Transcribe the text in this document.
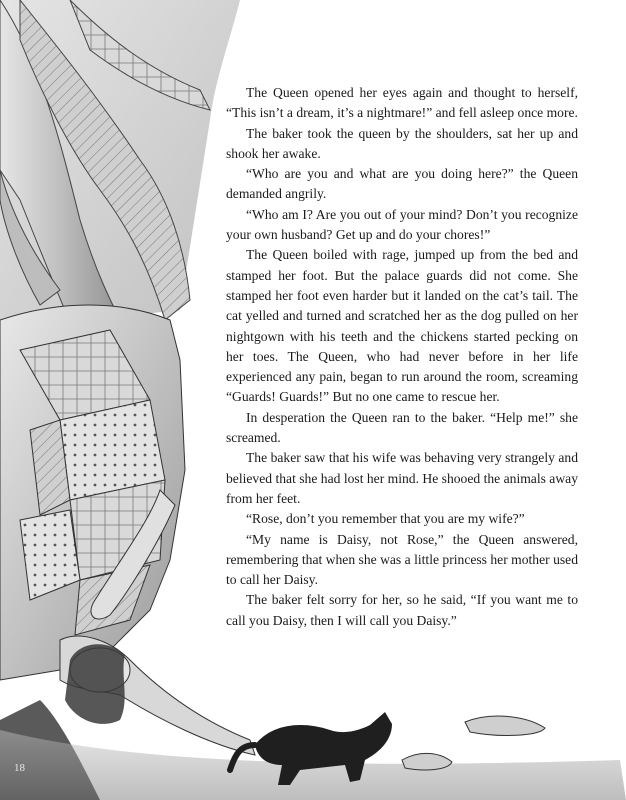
The Queen opened her eyes again and thought to herself, “This isn’t a dream, it’s a nightmare!” and fell asleep once more.

The baker took the queen by the shoulders, sat her up and shook her awake.

“Who are you and what are you doing here?” the Queen demanded angrily.

“Who am I? Are you out of your mind? Don’t you recognize your own husband? Get up and do your chores!”

The Queen boiled with rage, jumped up from the bed and stamped her foot. But the palace guards did not come. She stamped her foot even harder but it landed on the cat’s tail. The cat yelled and turned and scratched her as the dog pulled on her nightgown with his teeth and the chickens started pecking on her toes. The Queen, who had never before in her life experienced any pain, began to run around the room, screaming “Guards! Guards!” But no one came to rescue her.

In desperation the Queen ran to the baker. “Help me!” she screamed.

The baker saw that his wife was behaving very strangely and believed that she had lost her mind. He shooed the animals away from her feet.

“Rose, don’t you remember that you are my wife?”

“My name is Daisy, not Rose,” the Queen answered, remembering that when she was a little princess her mother used to call her Daisy.

The baker felt sorry for her, so he said, “If you want me to call you Daisy, then I will call you Daisy.”

18
